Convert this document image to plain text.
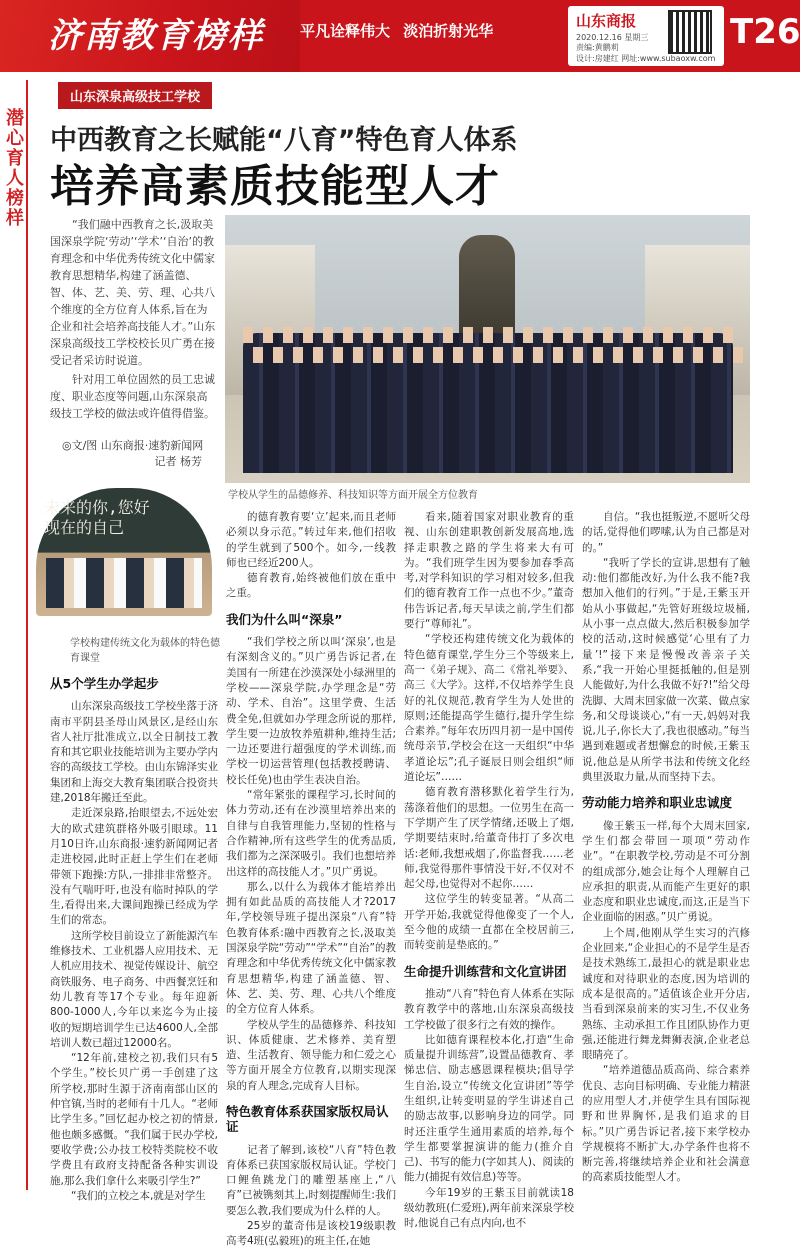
济南教育榜样 平凡诠释伟大 淡泊折射光华
山东商报
2020.12.16 星期三
责编:黄鹏莉
设计:房建红 网址:www.subaoxw.com
T26
潜心育人榜样
山东深泉高级技工学校
中西教育之长赋能“八育”特色育人体系
培养高素质技能型人才

“我们融中西教育之长,汲取美国深泉学院‘劳动’‘学术’‘自治’的教育理念和中华优秀传统文化中儒家教育思想精华,构建了涵盖德、智、体、艺、美、劳、理、心共八个维度的全方位育人体系,旨在为企业和社会培养高技能人才。”山东深泉高级技工学校校长贝广勇在接受记者采访时说道。

针对用工单位固然的员工忠诚度、职业态度等问题,山东深泉高级技工学校的做法或许值得借鉴。

◎文/图 山东商报·速豹新闻网
记者 杨芳
学校从学生的品德修养、科技知识等方面开展全方位教育
未来的你,您好
现在的自己
学校构建传统文化为载体的特色德育课堂
从5个学生办学起步

山东深泉高级技工学校坐落于济南市平阴县圣母山风景区,是经山东省人社厅批准成立,以全日制技工教育和其它职业技能培训为主要办学内容的高级技工学校。由山东锦泽实业集团和上海交大教育集团联合投资共建,2018年搬迁至此。

走近深泉路,抬眼望去,不远处宏大的欧式建筑群格外吸引眼球。11月10日许,山东商报·速豹新闻网记者走进校园,此时正赶上学生们在老师带领下跑操:方队,一排排非常整齐。没有气喘吁吁,也没有临时掉队的学生,看得出来,大课间跑操已经成为学生们的常态。

这所学校目前设立了新能源汽车维修技术、工业机器人应用技术、无人机应用技术、视觉传媒设计、航空商铁服务、电子商务、中西餐烹饪和幼儿教育等17个专业。每年迎新800-1000人,今年以来迄今为止接收的短期培训学生已达4600人,全部培训人数已超过12000名。

“12年前,建校之初,我们只有5个学生。”校长贝广勇一手创建了这所学校,那时生源于济南南部山区的仲官镇,当时的老师有十几人。“老师比学生多。”回忆起办校之初的情景,他也颇多感慨。“我们属于民办学校,要收学费;公办技工校特类院校不收学费且有政府支持配备各种实训设施,那么我们拿什么来吸引学生?”

“我们的立校之本,就是对学生

的德育教育要‘立’起来,而且老师必须以身示范。”转过年来,他们招收的学生就到了500个。如今,一线教师也已经近200人。

德育教育,始终被他们放在重中之重。

我们为什么叫“深泉”

“我们学校之所以叫‘深泉’,也是有深刻含义的。”贝广勇告诉记者,在美国有一所建在沙漠深处小绿洲里的学校——深泉学院,办学理念是“劳动、学术、自治”。这里学费、生活费全免,但就如办学理念所说的那样,学生要一边放牧养殖耕种,维持生活;一边还要进行超强度的学术训练,而学校一切运营管理(包括教授聘请、校长任免)也由学生表决自治。

“常年紧张的课程学习,长时间的体力劳动,还有在沙漠里培养出来的自律与自我管理能力,坚韧的性格与合作精神,所有这些学生的优秀品质,我们都为之深深吸引。我们也想培养出这样的高技能人才。”贝广勇说。

那么,以什么为载体才能培养出拥有如此品质的高技能人才?2017年,学校领导班子提出深泉“八育”特色教育体系:融中西教育之长,汲取美国深泉学院“劳动”“学术”“自治”的教育理念和中华优秀传统文化中儒家教育思想精华,构建了涵盖德、智、体、艺、美、劳、理、心共八个维度的全方位育人体系。

学校从学生的品德修养、科技知识、体质健康、艺术修养、美育塑造、生活教育、领导能力和仁爱之心等方面开展全方位教育,以期实现深泉的育人理念,完成育人目标。

特色教育体系获国家版权局认证

记者了解到,该校“八育”特色教育体系已获国家版权局认证。学校门口鲤鱼跳龙门的雕塑基座上,“八育”已被镌刻其上,时刻提醒师生:我们要怎么教,我们要成为什么样的人。

25岁的董奇伟是该校19级职教高考4班(弘毅班)的班主任,在她

看来,随着国家对职业教育的重视、山东创建职教创新发展高地,选择走职教之路的学生将来大有可为。“我们班学生因为要参加春季高考,对学科知识的学习相对较多,但我们的德育教育工作一点也不少。”董奇伟告诉记者,每天早读之前,学生们都要行“尊师礼”。

“学校还构建传统文化为载体的特色德育课堂,学生分三个等级来上,高一《弟子规》、高二《常礼举要》、高三《大学》。这样,不仅培养学生良好的礼仪规范,教育学生为人处世的原则;还能提高学生德行,提升学生综合素养。”每年农历四月初一是中国传统母亲节,学校会在这一天组织“中华孝道论坛”;孔子诞辰日则会组织“师道论坛”……

德育教育潜移默化着学生行为,荡涤着他们的思想。一位男生在高一下学期产生了厌学情绪,还吸上了烟,学期要结束时,给董奇伟打了多次电话:老师,我想戒烟了,你监督我……老师,我觉得那件事情没干好,不仅对不起父母,也觉得对不起你……

这位学生的转变显著。“从高二开学开始,我就觉得他像变了一个人,至今他的成绩一直都在全校居前三,而转变前是垫底的。”

生命提升训练营和文化宣讲团

推动“八育”特色育人体系在实际教育教学中的落地,山东深泉高级技工学校做了很多行之有效的操作。

比如德育课程校本化,打造“生命质量提升训练营”,设置品德教育、孝悌忠信、励志感恩课程模块;倡导学生自治,设立“传统文化宣讲团”等学生组织,让转变明显的学生讲述自己的励志故事,以影响身边的同学。同时还注重学生通用素质的培养,每个学生都要掌握演讲的能力(推介自己)、书写的能力(字如其人)、阅读的能力(捕捉有效信息)等等。

今年19岁的王紫玉目前就读18级幼教班(仁爱班),两年前来深泉学校时,他说自己有点内向,也不

自信。“我也挺叛逆,不愿听父母的话,觉得他们啰嗦,认为自己都是对的。”

“我听了学长的宣讲,思想有了触动:他们都能改好,为什么我不能?我想加入他们的行列。”于是,王紫玉开始从小事做起,“先管好班级垃圾桶,从小事一点点做大,然后积极参加学校的活动,这时候感觉‘心里有了力量’!”接下来是慢慢改善亲子关系,“我一开始心里挺抵触的,但是别人能做好,为什么我做不好?!”给父母洗脚、大周末回家做一次菜、做点家务,和父母谈谈心,“有一天,妈妈对我说,儿子,你长大了,我也很感动。”每当遇到难题或者想懈怠的时候,王紫玉说,他总是从所学书法和传统文化经典里汲取力量,从而坚持下去。

劳动能力培养和职业忠诚度

像王紫玉一样,每个大周末回家,学生们都会带回一项项“劳动作业”。“在职教学校,劳动是不可分割的组成部分,她会让每个人理解自己应承担的职责,从而能产生更好的职业态度和职业忠诚度,而这,正是当下企业面临的困惑。”贝广勇说。

上个周,他刚从学生实习的汽修企业回来,“企业担心的不是学生是否是技术熟练工,最担心的就是职业忠诚度和对待职业的态度,因为培训的成本是很高的。”适值该企业开分店,当看到深泉前来的实习生,不仅业务熟练、主动承担工作且团队协作力更强,还能进行舞龙舞狮表演,企业老总眼睛亮了。

“培养道德品质高尚、综合素养优良、志向目标明确、专业能力精湛的应用型人才,并使学生具有国际视野和世界胸怀,是我们追求的目标。”贝广勇告诉记者,接下来学校办学规模将不断扩大,办学条件也将不断完善,将继续培养企业和社会满意的高素质技能型人才。
